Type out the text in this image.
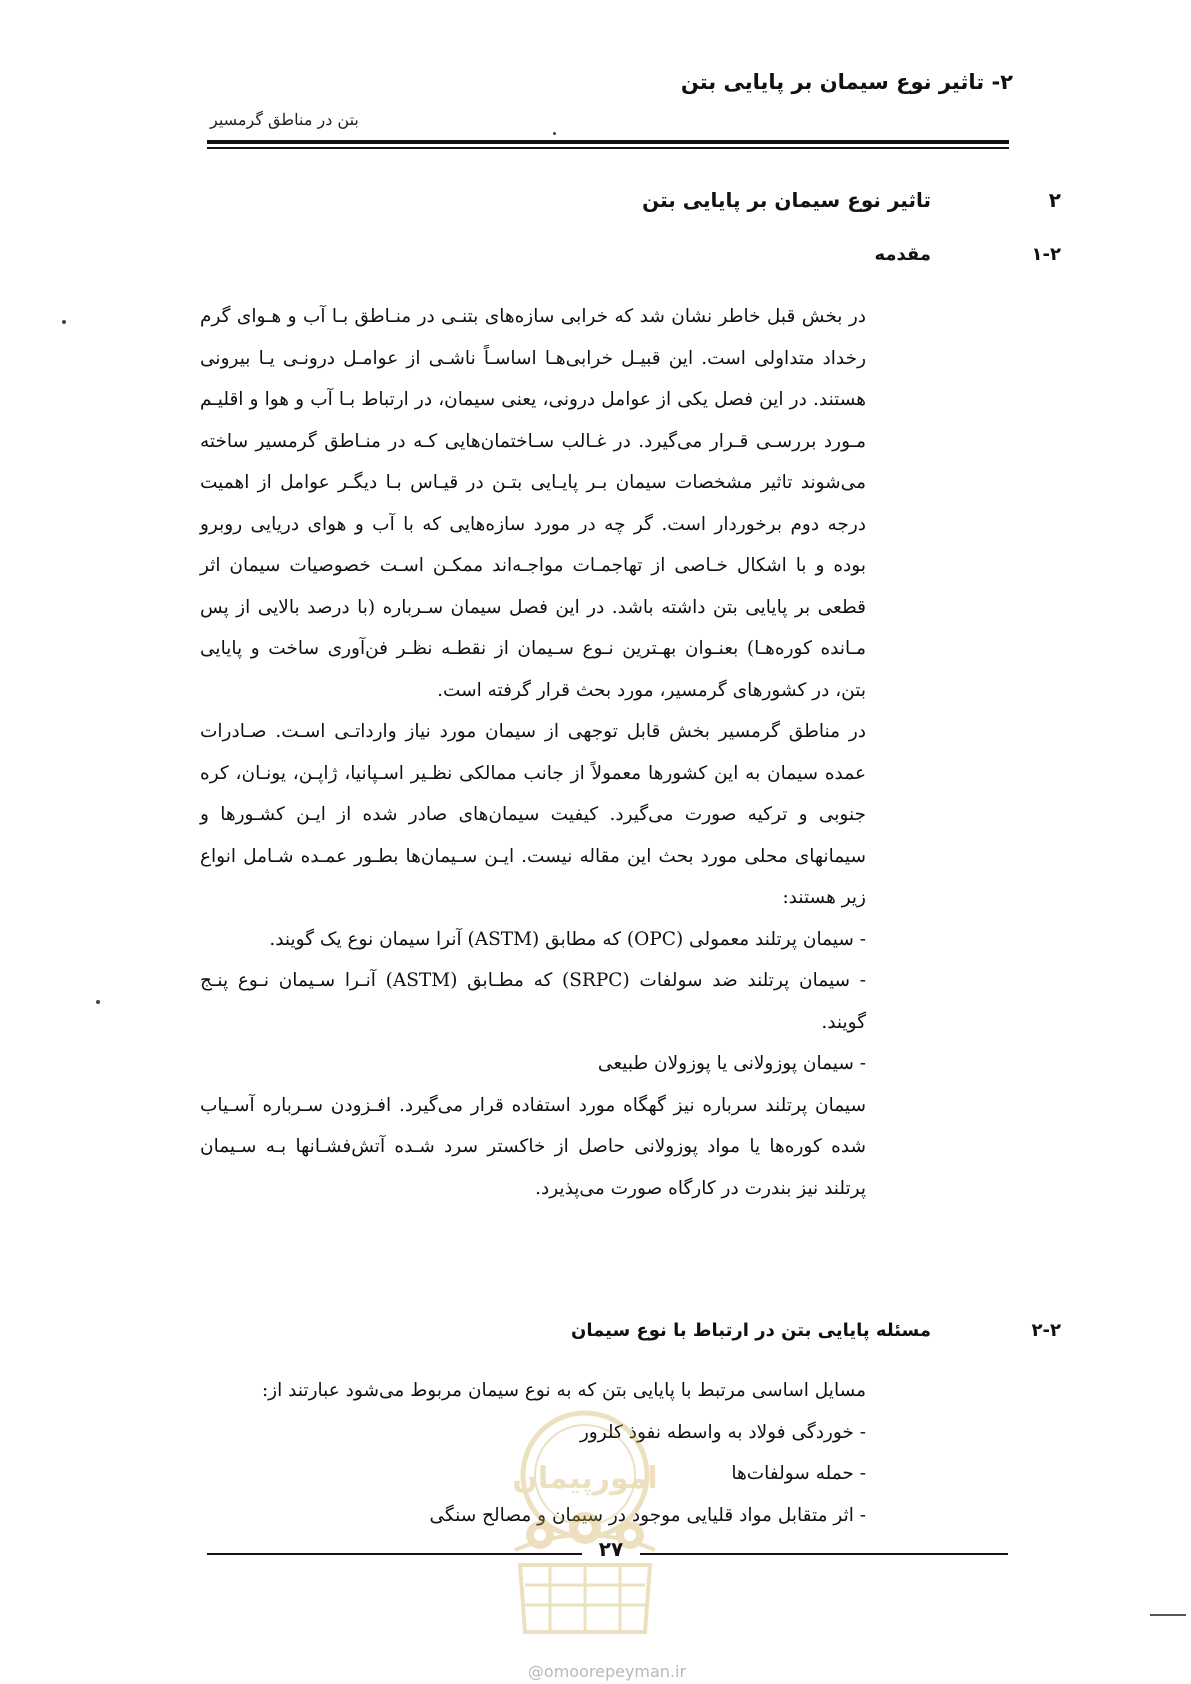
۲- تاثیر نوع سیمان بر پایایی بتن
بتن در مناطق گرمسیر
۲
تاثیر نوع سیمان بر پایایی بتن
۱-۲
مقدمه

در بخش قبل خاطر نشان شد که خرابی سازه‌های بتنـی در منـاطق بـا آب و هـوای گرم رخداد متداولی است. این قبیـل خرابی‌هـا اساسـاً ناشـی از عوامـل درونـی یـا بیرونی هستند. در این فصل یکی از عوامل درونی، یعنی سیمان، در ارتباط بـا آب و هوا و اقلیـم مـورد بررسـی قـرار می‌گیرد. در غـالب سـاختمان‌هایی کـه در منـاطق گرمسیر ساخته می‌شوند تاثیر مشخصات سیمان بـر پایـایی بتـن در قیـاس بـا دیگـر عوامل از اهمیت درجه دوم برخوردار است. گر چه در مورد سازه‌هایی که با آب و هوای دریایی روبرو بوده و با اشکال خـاصی از تهاجمـات مواجـه‌اند ممکـن اسـت خصوصیات سیمان اثر قطعی بر پایایی بتن داشته باشد. در این فصل سیمان سـرباره (با درصد بالایی از پس مـانده کوره‌هـا) بعنـوان بهـترین نـوع سـیمان از نقطـه نظـر فن‌آوری ساخت و پایایی بتن، در کشورهای گرمسیر، مورد بحث قرار گرفته است.

در مناطق گرمسیر بخش قابل توجهی از سیمان مورد نیاز وارداتـی اسـت. صـادرات عمده سیمان به این کشورها معمولاً از جانب ممالکی نظـیر اسـپانیا، ژاپـن، یونـان، کره جنوبی و ترکیه صورت می‌گیرد. کیفیت سیمان‌های صادر شده از ایـن کشـورها و سیمانهای محلی مورد بحث این مقاله نیست. ایـن سـیمان‌ها بطـور عمـده شـامل انواع زیر هستند:

- سیمان پرتلند معمولی (OPC) که مطابق (ASTM) آنرا سیمان نوع یک گویند.
- سیمان پرتلند ضد سولفات (SRPC) که مطـابق (ASTM) آنـرا سـیمان نـوع پنـج گویند.
- سیمان پوزولانی یا پوزولان طبیعی

سیمان پرتلند سرباره نیز گهگاه مورد استفاده قرار می‌گیرد. افـزودن سـرباره آسـیاب شده کوره‌ها یا مواد پوزولانی حاصل از خاکستر سرد شـده آتش‌فشـانها بـه سـیمان پرتلند نیز بندرت در کارگاه صورت می‌پذیرد.

۲-۲
مسئله پایایی بتن در ارتباط با نوع سیمان

مسایل اساسی مرتبط با پایایی بتن که به نوع سیمان مربوط می‌شود عبارتند از:

- خوردگی فولاد به واسطه نفوذ کلرور
- حمله سولفات‌ها
- اثر متقابل مواد قلیایی موجود در سیمان و مصالح سنگی
امورپیمان
۲۷
@omoorepeyman.ir
